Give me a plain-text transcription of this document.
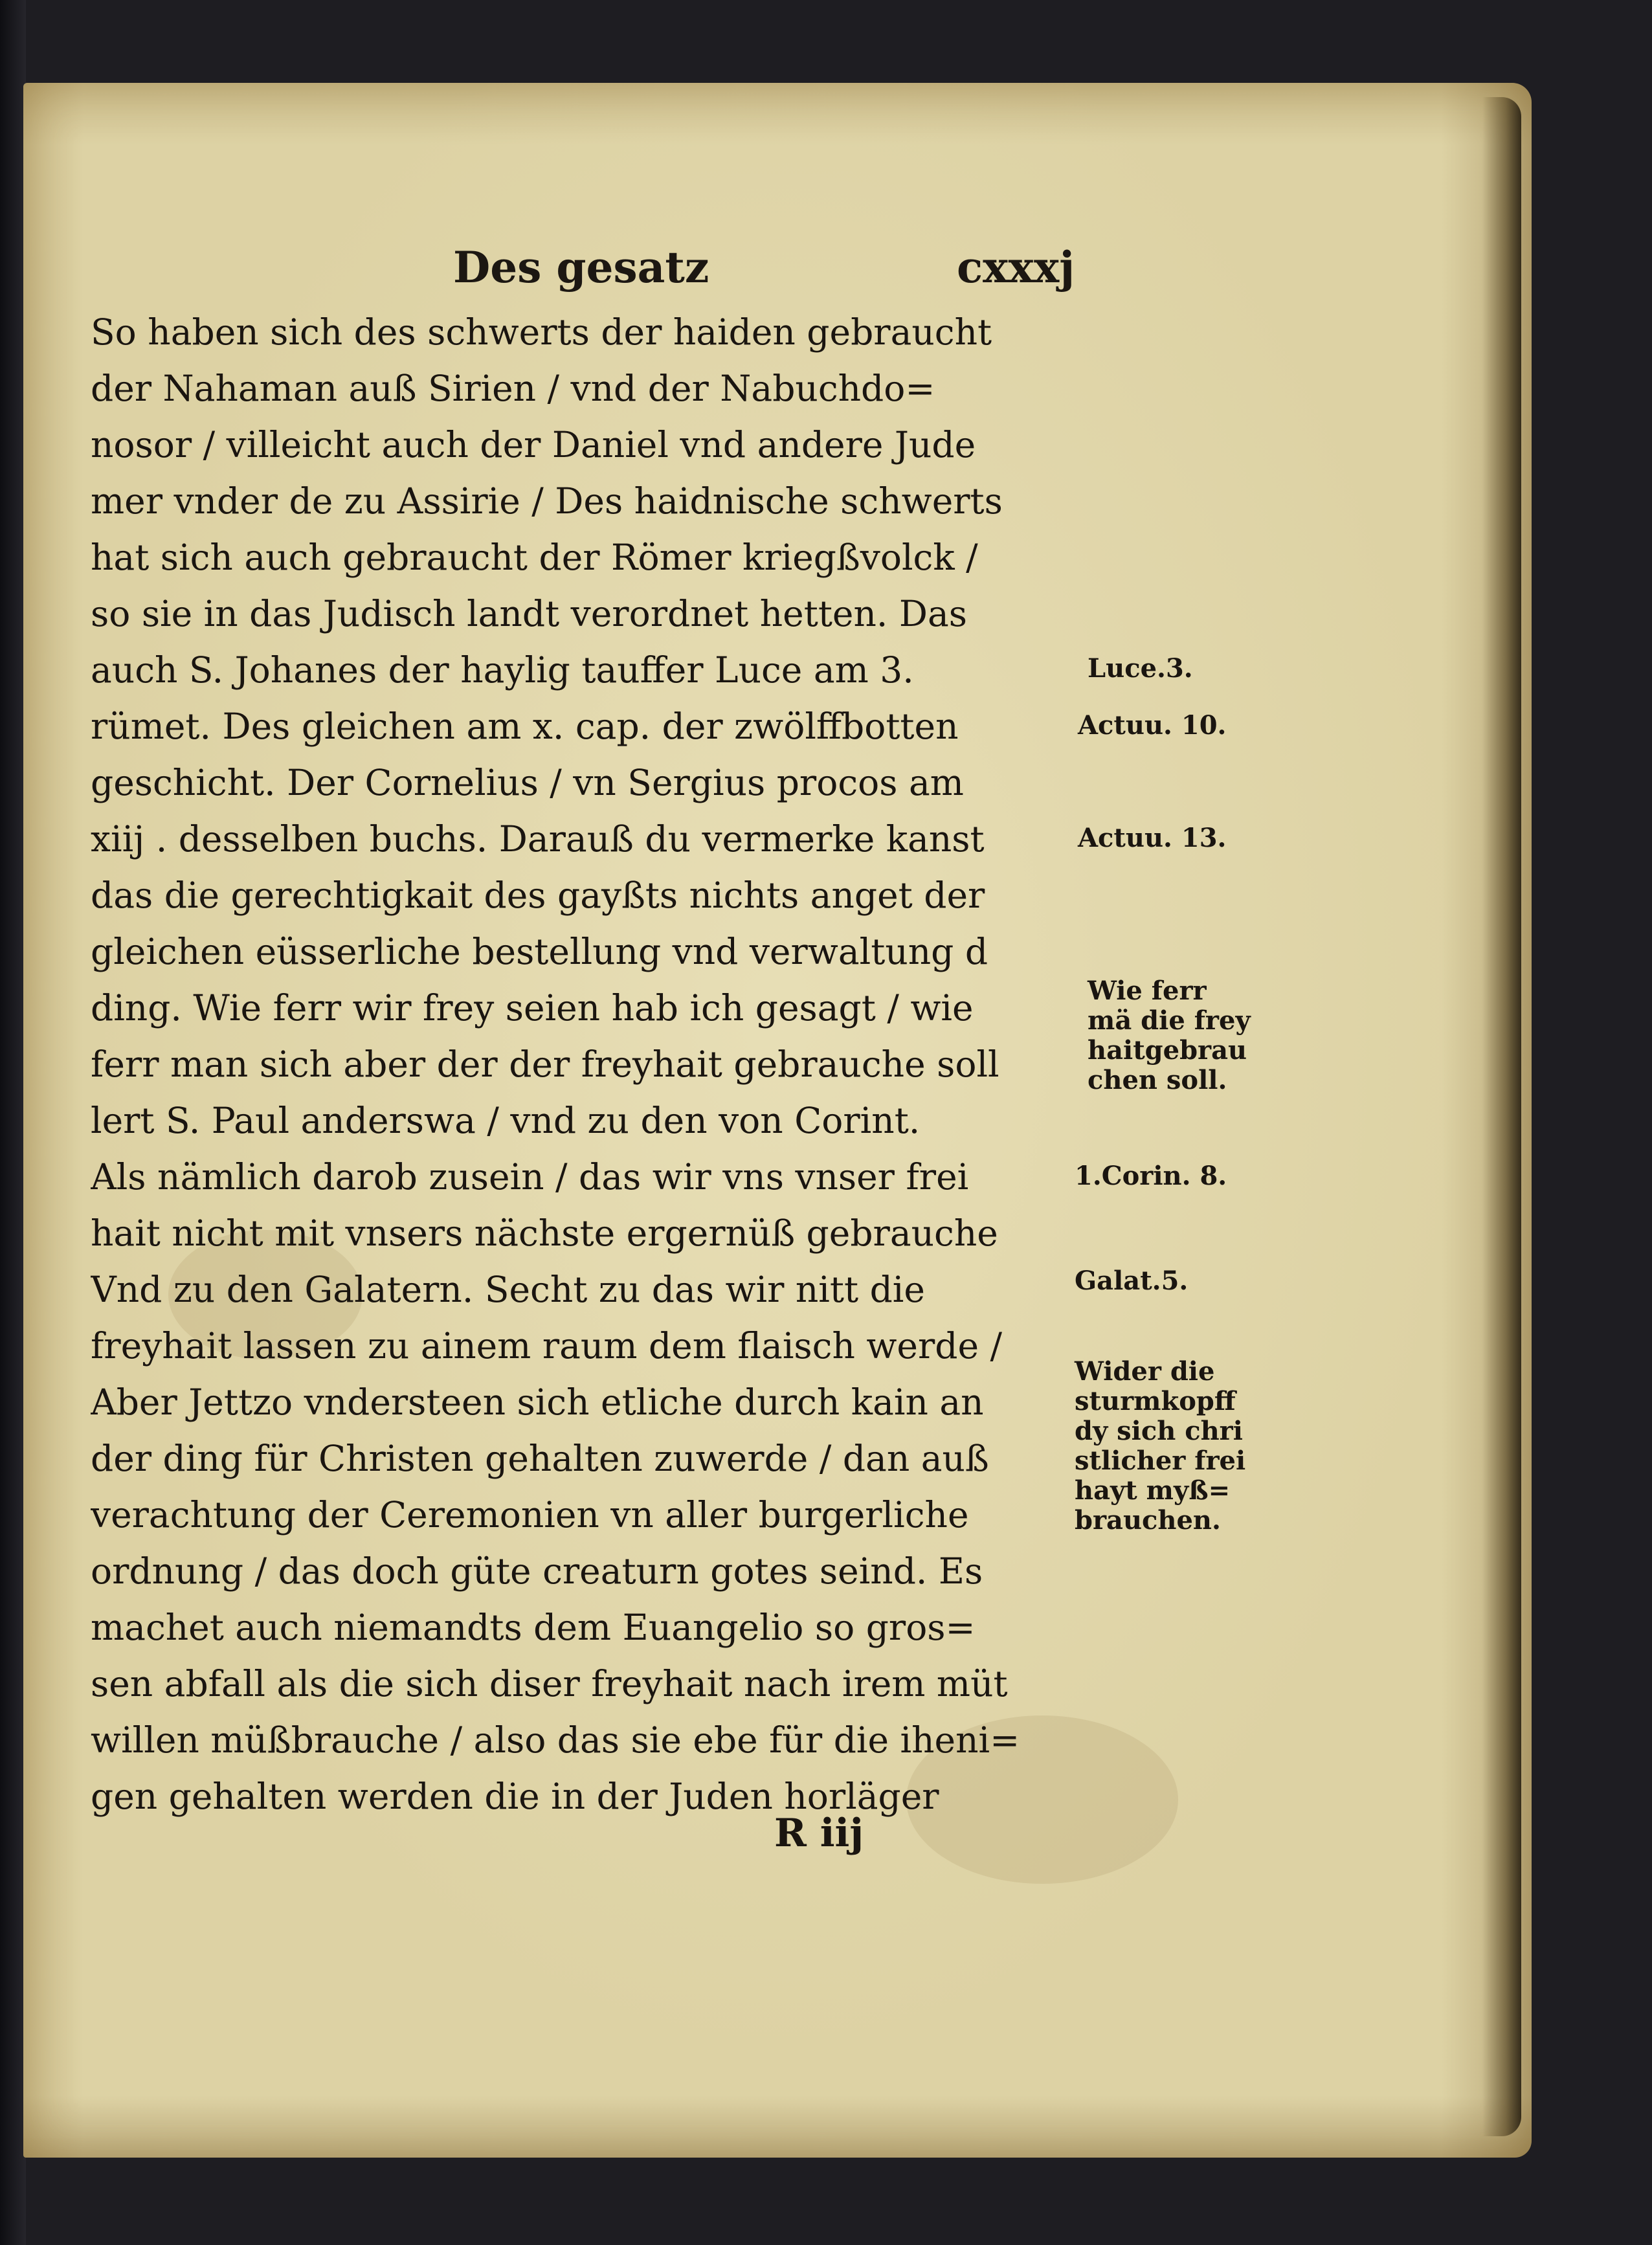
Des gesatz	cxxxj
So haben sich des schwerts der haiden gebraucht
der Nahaman auß Sirien / vnd der Nabuchdo=
nosor / villeicht auch der Daniel vnd andere Jude
mer vnder de zu Assirie / Des haidnische schwerts
hat sich auch gebraucht der Römer kriegßvolck /
so sie in das Judisch landt verordnet hetten. Das
auch S. Johanes der haylig tauffer Luce am 3.
rümet. Des gleichen am x. cap. der zwölffbotten
geschicht. Der Cornelius / vn Sergius procos am
xiij . desselben buchs. Darauß du vermerke kanst
das die gerechtigkait des gayßts nichts anget der
gleichen eüsserliche bestellung vnd verwaltung d
ding. Wie ferr wir frey seien hab ich gesagt / wie
ferr man sich aber der der freyhait gebrauche soll
lert S. Paul anderswa / vnd zu den von Corint.
Als nämlich darob zusein / das wir vns vnser frei
hait nicht mit vnsers nächste ergernüß gebrauche
Vnd zu den Galatern. Secht zu das wir nitt die
freyhait lassen zu ainem raum dem flaisch werde /
Aber Jettzo vndersteen sich etliche durch kain an
der ding für Christen gehalten zuwerde / dan auß
verachtung der Ceremonien vn aller burgerliche
ordnung / das doch güte creaturn gotes seind. Es
machet auch niemandts dem Euangelio so gros=
sen abfall als die sich diser freyhait nach irem müt
willen müßbrauche / also das sie ebe für die iheni=
gen gehalten werden die in der Juden horläger
Luce.3.
Actuu. 10.
Actuu. 13.
Wie ferr
mä die frey
haitgebrau
chen soll.
1.Corin. 8.
Galat.5.
Wider die
sturmkopff
dy sich chri
stlicher frei
hayt myß=
brauchen.
R iij
